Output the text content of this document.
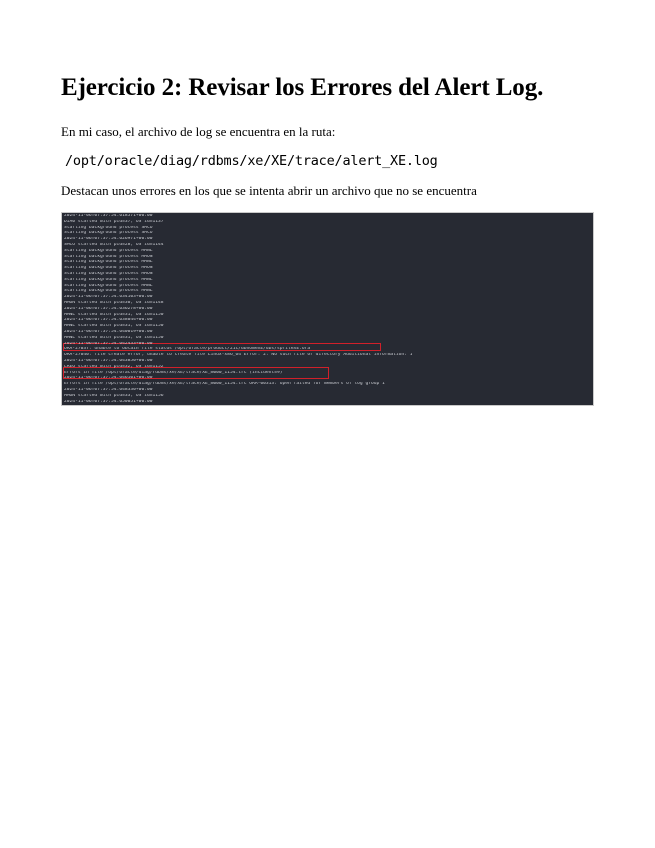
Ejercicio 2: Revisar los Errores del Alert Log.

En mi caso, el archivo de log se encuentra en la ruta:

/opt/oracle/diag/rdbms/xe/XE/trace/alert_XE.log

Destacan unos errores en los que se intenta abrir un archivo que no se encuentra

2024-11-06T07:37:54.618571+00:00
DIA0 started with pid=37, OS id=1137
Starting background process SMCO
Starting background process SMCO
2024-11-06T07:37:54.626971+00:00
SMCO started with pid=28, OS id=1144
Starting background process MMNL
Starting background process MMON
Starting background process MMNL
Starting background process MMON
Starting background process MMON
Starting background process MMNL
Starting background process MMNL
Starting background process MMNL
2024-11-06T07:37:54.634103+00:00
MMON started with pid=30, OS id=1148
2024-11-06T07:37:54.636278+00:00
MMNL started with pid=31, OS id=1150
2024-11-06T07:37:54.638044+00:00
MMNL started with pid=31, OS id=1150
2024-11-06T07:37:54.640019+00:00
MMNL started with pid=31, OS id=1150
2024-11-06T07:37:54.642433+00:00
ORA-27037: unable to obtain file status /opt/oracle/product/21c/dbhomeXE/dbs/spfileXE.ora
ORA-27040: file create error, unable to create file Linux-x86_64 Error: 2: No such file or directory Additional information: 1
2024-11-06T07:37:54.643850+00:00
LREG started with pid=32, OS id=1152
Errors in file /opt/oracle/diag/rdbms/xe/XE/trace/XE_m000_1154.trc (incident=9)
2024-11-06T07:37:54.646101+00:00
Errors in file /opt/oracle/diag/rdbms/xe/XE/trace/XE_m000_1154.trc ORA-00313: open failed for members of log group 1
2024-11-06T07:37:54.648330+00:00
MMON started with pid=33, OS id=1156
2024-11-06T07:37:54.650051+00:00
